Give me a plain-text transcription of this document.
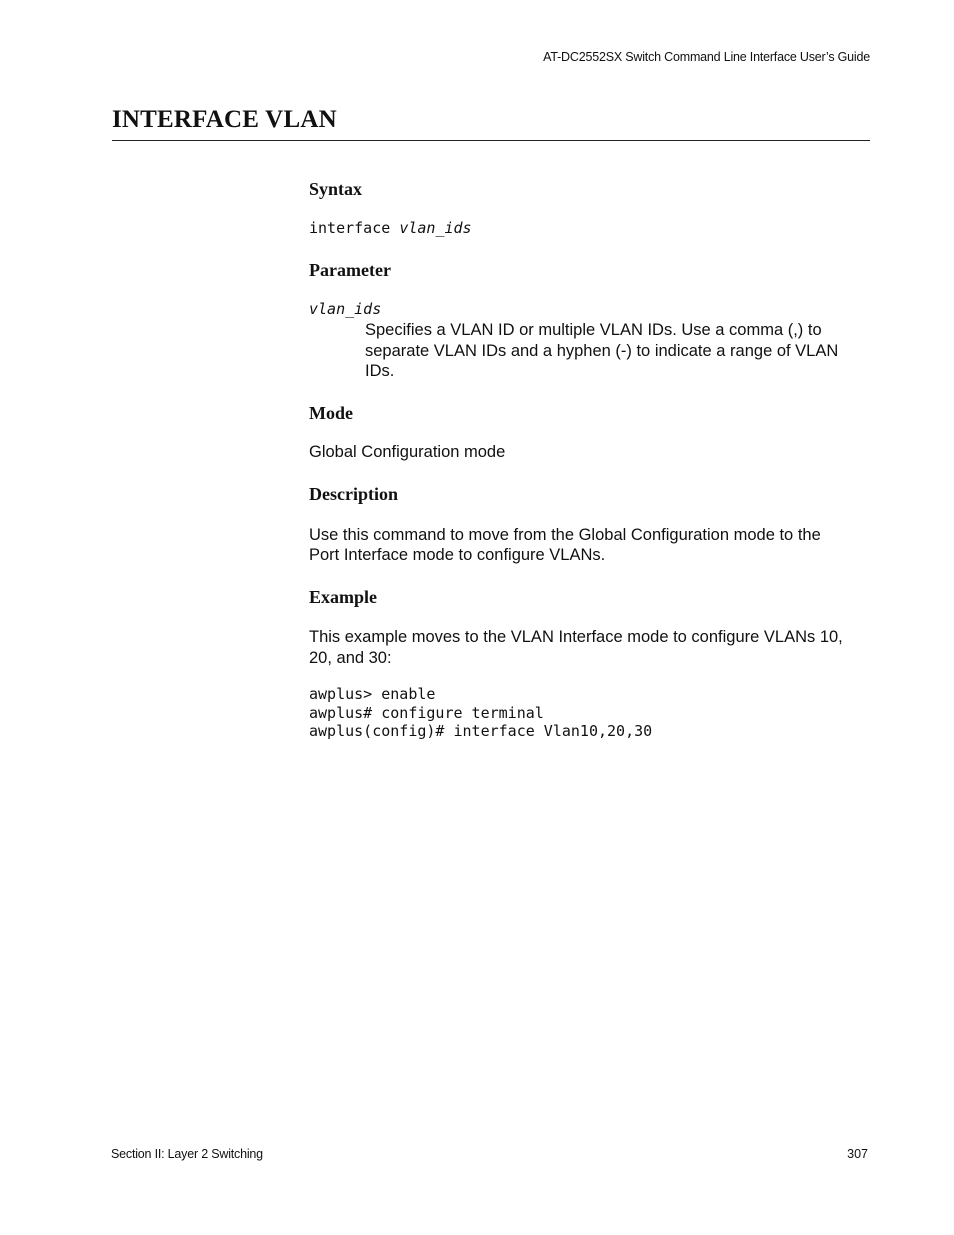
AT-DC2552SX Switch Command Line Interface User’s Guide
INTERFACE VLAN
Syntax
interface vlan_ids
Parameter
vlan_ids
Specifies a VLAN ID or multiple VLAN IDs. Use a comma (,) to
separate VLAN IDs and a hyphen (-) to indicate a range of VLAN
IDs.
Mode

Global Configuration mode

Description

Use this command to move from the Global Configuration mode to the

Port Interface mode to configure VLANs.

Example

This example moves to the VLAN Interface mode to configure VLANs 10,

20, and 30:

awplus> enable
awplus# configure terminal
awplus(config)# interface Vlan10,20,30
Section II: Layer 2 Switching	307
